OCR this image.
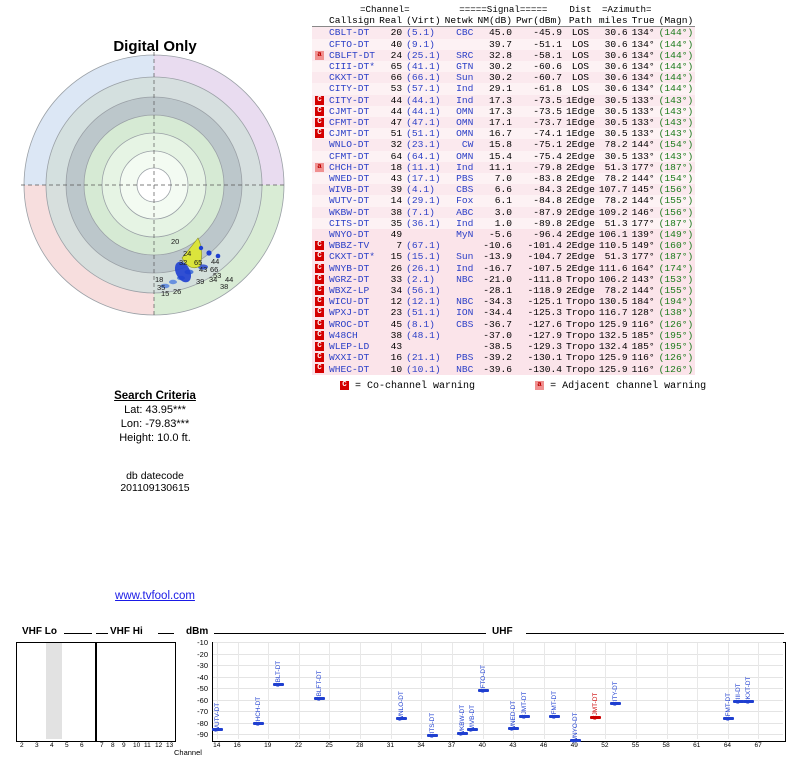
Digital Only
20
24
32 65
43 66
53 44
15
18
35 26
39 34
38
44
Search Criteria
Lat: 43.95***
Lon: -79.83***
Height: 10.0 ft.
db datecode
201109130615
www.tvfool.com
	=Channel=			=====Signal=====			Dist	=Azimuth=		
	Callsign	Real	(Virt)	Netwk	NM(dB)	Pwr(dBm)	Path	miles	True	(Magn)
	CBLT-DT	20	(5.1)	CBC	45.0	-45.9	LOS	30.6	134°	(144°)
	CFTO-DT	40	(9.1)		39.7	-51.1	LOS	30.6	134°	(144°)
a	CBLFT-DT	24	(25.1)	SRC	32.8	-58.1	LOS	30.6	134°	(144°)
	CIII-DT*	65	(41.1)	GTN	30.2	-60.6	LOS	30.6	134°	(144°)
	CKXT-DT	66	(66.1)	Sun	30.2	-60.7	LOS	30.6	134°	(144°)
	CITY-DT	53	(57.1)	Ind	29.1	-61.8	LOS	30.6	134°	(144°)
C	CITY-DT	44	(44.1)	Ind	17.3	-73.5	1Edge	30.5	133°	(143°)
C	CJMT-DT	44	(44.1)	OMN	17.3	-73.5	1Edge	30.5	133°	(143°)
C	CFMT-DT	47	(47.1)	OMN	17.1	-73.7	1Edge	30.5	133°	(143°)
C	CJMT-DT	51	(51.1)	OMN	16.7	-74.1	1Edge	30.5	133°	(143°)
	WNLO-DT	32	(23.1)	CW	15.8	-75.1	2Edge	78.2	144°	(154°)
	CFMT-DT	64	(64.1)	OMN	15.4	-75.4	2Edge	30.5	133°	(143°)
a	CHCH-DT	18	(11.1)	Ind	11.1	-79.8	2Edge	51.3	177°	(187°)
	WNED-DT	43	(17.1)	PBS	7.0	-83.8	2Edge	78.2	144°	(154°)
	WIVB-DT	39	(4.1)	CBS	6.6	-84.3	2Edge	107.7	145°	(156°)
	WUTV-DT	14	(29.1)	Fox	6.1	-84.8	2Edge	78.2	144°	(155°)
	WKBW-DT	38	(7.1)	ABC	3.0	-87.9	2Edge	109.2	146°	(156°)
	CITS-DT	35	(36.1)	Ind	1.0	-89.8	2Edge	51.3	177°	(187°)
	WNYO-DT	49		MyN	-5.6	-96.4	2Edge	106.1	139°	(149°)
C	WBBZ-TV	7	(67.1)		-10.6	-101.4	2Edge	110.5	149°	(160°)
C	CKXT-DT*	15	(15.1)	Sun	-13.9	-104.7	2Edge	51.3	177°	(187°)
C	WNYB-DT	26	(26.1)	Ind	-16.7	-107.5	2Edge	111.6	164°	(174°)
C	WGRZ-DT	33	(2.1)	NBC	-21.0	-111.8	Tropo	106.2	143°	(153°)
C	WBXZ-LP	34	(56.1)		-28.1	-118.9	2Edge	78.2	144°	(155°)
C	WICU-DT	12	(12.1)	NBC	-34.3	-125.1	Tropo	130.5	184°	(194°)
C	WPXJ-DT	23	(51.1)	ION	-34.4	-125.3	Tropo	116.7	128°	(138°)
C	WROC-DT	45	(8.1)	CBS	-36.7	-127.6	Tropo	125.9	116°	(126°)
C	W48CH	38	(48.1)		-37.0	-127.9	Tropo	132.5	185°	(195°)
C	WLEP-LD	43			-38.5	-129.3	Tropo	132.4	185°	(195°)
C	WXXI-DT	16	(21.1)	PBS	-39.2	-130.1	Tropo	125.9	116°	(126°)
C	WHEC-DT	10	(10.1)	NBC	-39.6	-130.4	Tropo	125.9	116°	(126°)
C = Co-channel warning	a = Adjacent channel warning
VHF Lo	VHF Hi	dBm
-10
-20
-30
-40
-50
-60
-70
-80
-90
UHF
Channel
WUTV-DT	CHCH-DT
CBLT-DT	CBLFT-DT
WNLO-DT
CITS-DT	WKBW-DT WIVB-DT
CFTO-DT
WNED-DT CJMT-DT	CFMT-DT
WNYO-DT
CJMT-DT CITY-DT	CFMT-DT CIII-DT CKXT-DT
14 16	19	22	25	28	31	34	37	40	43	46	49	52	55	58	61	64	67
2 3 4 5 6	7 8 9 10 11 12 13
